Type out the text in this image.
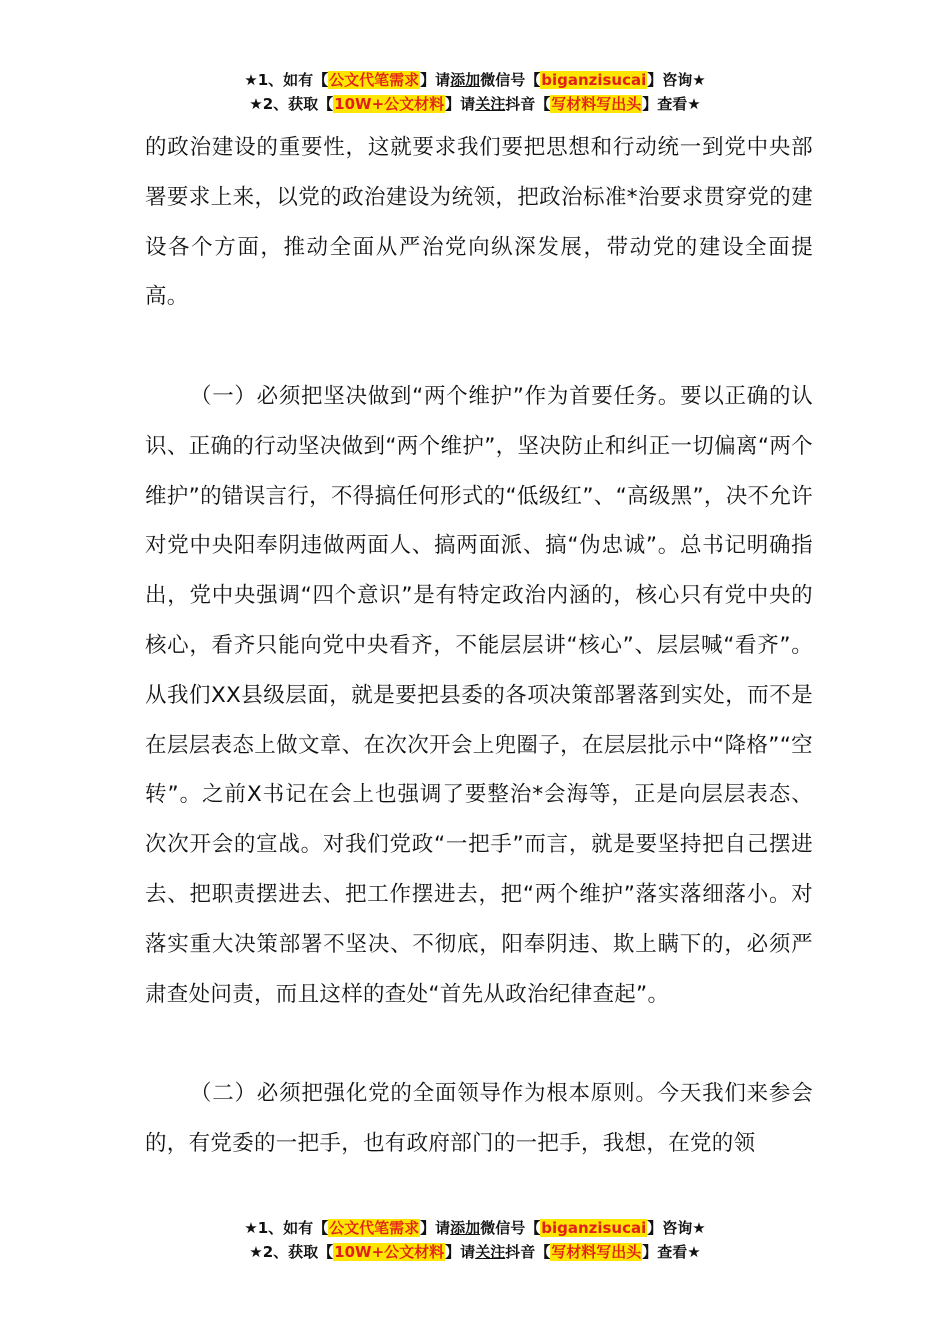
★1、如有【公文代笔需求】请添加微信号【biganzisucai】咨询★
★2、获取【10W+公文材料】请关注抖音【写材料写出头】查看★

的政治建设的重要性，这就要求我们要把思想和行动统一到党中央部署要求上来，以党的政治建设为统领，把政治标准*治要求贯穿党的建设各个方面，推动全面从严治党向纵深发展，带动党的建设全面提高。

（一）必须把坚决做到“两个维护”作为首要任务。要以正确的认识、正确的行动坚决做到“两个维护”，坚决防止和纠正一切偏离“两个维护”的错误言行，不得搞任何形式的“低级红”、“高级黑”，决不允许对党中央阳奉阴违做两面人、搞两面派、搞“伪忠诚”。总书记明确指出，党中央强调“四个意识”是有特定政治内涵的，核心只有党中央的核心，看齐只能向党中央看齐，不能层层讲“核心”、层层喊“看齐”。从我们XX县级层面，就是要把县委的各项决策部署落到实处，而不是在层层表态上做文章、在次次开会上兜圈子，在层层批示中“降格”“空转”。之前X书记在会上也强调了要整治*会海等，正是向层层表态、次次开会的宣战。对我们党政“一把手”而言，就是要坚持把自己摆进去、把职责摆进去、把工作摆进去，把“两个维护”落实落细落小。对落实重大决策部署不坚决、不彻底，阳奉阴违、欺上瞒下的，必须严肃查处问责，而且这样的查处“首先从政治纪律查起”。

（二）必须把强化党的全面领导作为根本原则。今天我们来参会的，有党委的一把手，也有政府部门的一把手，我想，在党的领

★1、如有【公文代笔需求】请添加微信号【biganzisucai】咨询★
★2、获取【10W+公文材料】请关注抖音【写材料写出头】查看★
